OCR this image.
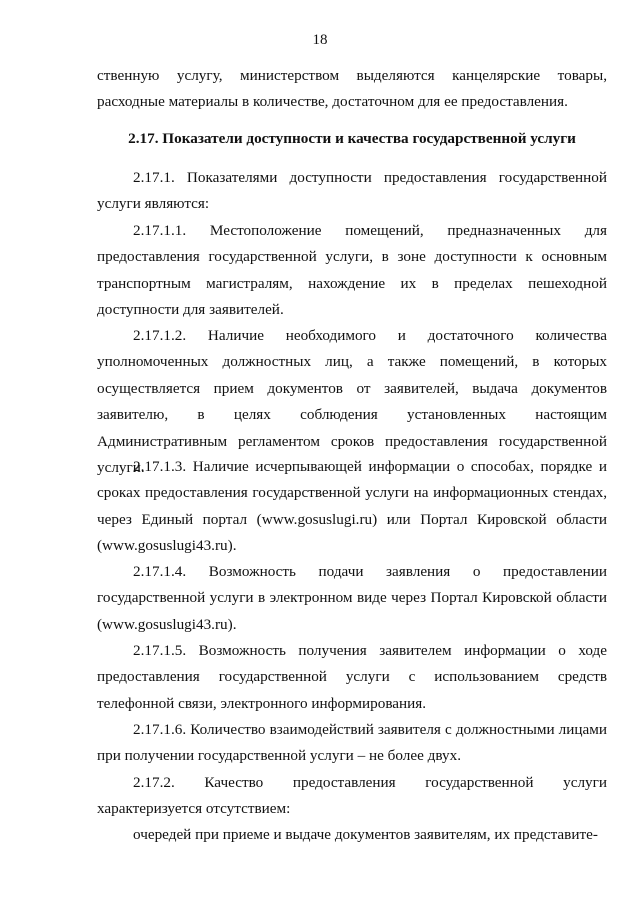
18
ственную услугу, министерством выделяются канцелярские товары, расходные материалы в количестве, достаточном для ее предоставления.
2.17. Показатели доступности и качества государственной услуги
2.17.1. Показателями доступности предоставления государственной услуги являются:
2.17.1.1. Местоположение помещений, предназначенных для предоставления государственной услуги, в зоне доступности к основным транспортным магистралям, нахождение их в пределах пешеходной доступности для заявителей.
2.17.1.2. Наличие необходимого и достаточного количества уполномоченных должностных лиц, а также помещений, в которых осуществляется прием документов от заявителей, выдача документов заявителю, в целях соблюдения установленных настоящим Административным регламентом сроков предоставления государственной услуги.
2.17.1.3. Наличие исчерпывающей информации о способах, порядке и сроках предоставления государственной услуги на информационных стендах, через Единый портал (www.gosuslugi.ru) или Портал Кировской области (www.gosuslugi43.ru).
2.17.1.4. Возможность подачи заявления о предоставлении государственной услуги в электронном виде через Портал Кировской области (www.gosuslugi43.ru).
2.17.1.5. Возможность получения заявителем информации о ходе предоставления государственной услуги с использованием средств телефонной связи, электронного информирования.
2.17.1.6. Количество взаимодействий заявителя с должностными лицами при получении государственной услуги – не более двух.
2.17.2. Качество предоставления государственной услуги характеризуется отсутствием:
очередей при приеме и выдаче документов заявителям, их представите-
